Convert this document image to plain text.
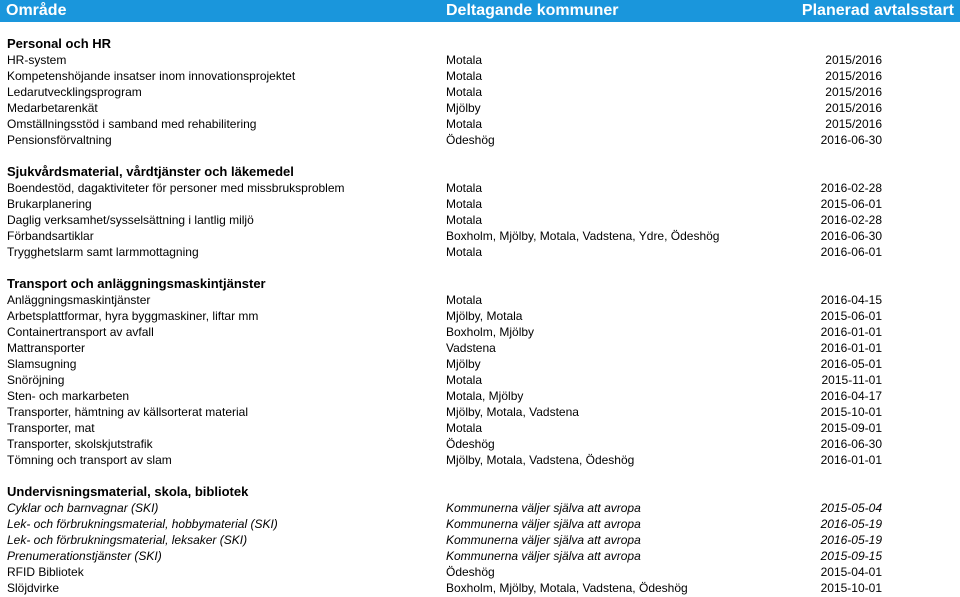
Område	Deltagande kommuner	Planerad avtalsstart
Personal och HR
HR-system	Motala	2015/2016
Kompetenshöjande insatser inom innovationsprojektet	Motala	2015/2016
Ledarutvecklingsprogram	Motala	2015/2016
Medarbetarenkät	Mjölby	2015/2016
Omställningsstöd i samband med rehabilitering	Motala	2015/2016
Pensionsförvaltning	Ödeshög	2016-06-30
Sjukvårdsmaterial, vårdtjänster och läkemedel
Boendestöd, dagaktiviteter för personer med missbruksproblem	Motala	2016-02-28
Brukarplanering	Motala	2015-06-01
Daglig verksamhet/sysselsättning i lantlig miljö	Motala	2016-02-28
Förbandsartiklar	Boxholm, Mjölby, Motala, Vadstena, Ydre, Ödeshög	2016-06-30
Trygghetslarm samt larmmottagning	Motala	2016-06-01
Transport och anläggningsmaskintjänster
Anläggningsmaskintjänster	Motala	2016-04-15
Arbetsplattformar, hyra byggmaskiner, liftar mm	Mjölby, Motala	2015-06-01
Containertransport av avfall	Boxholm, Mjölby	2016-01-01
Mattransporter	Vadstena	2016-01-01
Slamsugning	Mjölby	2016-05-01
Snöröjning	Motala	2015-11-01
Sten- och markarbeten	Motala, Mjölby	2016-04-17
Transporter, hämtning av källsorterat material	Mjölby, Motala, Vadstena	2015-10-01
Transporter, mat	Motala	2015-09-01
Transporter, skolskjutstrafik	Ödeshög	2016-06-30
Tömning och transport av slam	Mjölby, Motala, Vadstena, Ödeshög	2016-01-01
Undervisningsmaterial, skola, bibliotek
Cyklar och barnvagnar (SKI)	Kommunerna väljer själva att avropa	2015-05-04
Lek- och förbrukningsmaterial, hobbymaterial (SKI)	Kommunerna väljer själva att avropa	2016-05-19
Lek- och förbrukningsmaterial, leksaker (SKI)	Kommunerna väljer själva att avropa	2016-05-19
Prenumerationstjänster (SKI)	Kommunerna väljer själva att avropa	2015-09-15
RFID Bibliotek	Ödeshög	2015-04-01
Slöjdvirke	Boxholm, Mjölby, Motala, Vadstena, Ödeshög	2015-10-01
